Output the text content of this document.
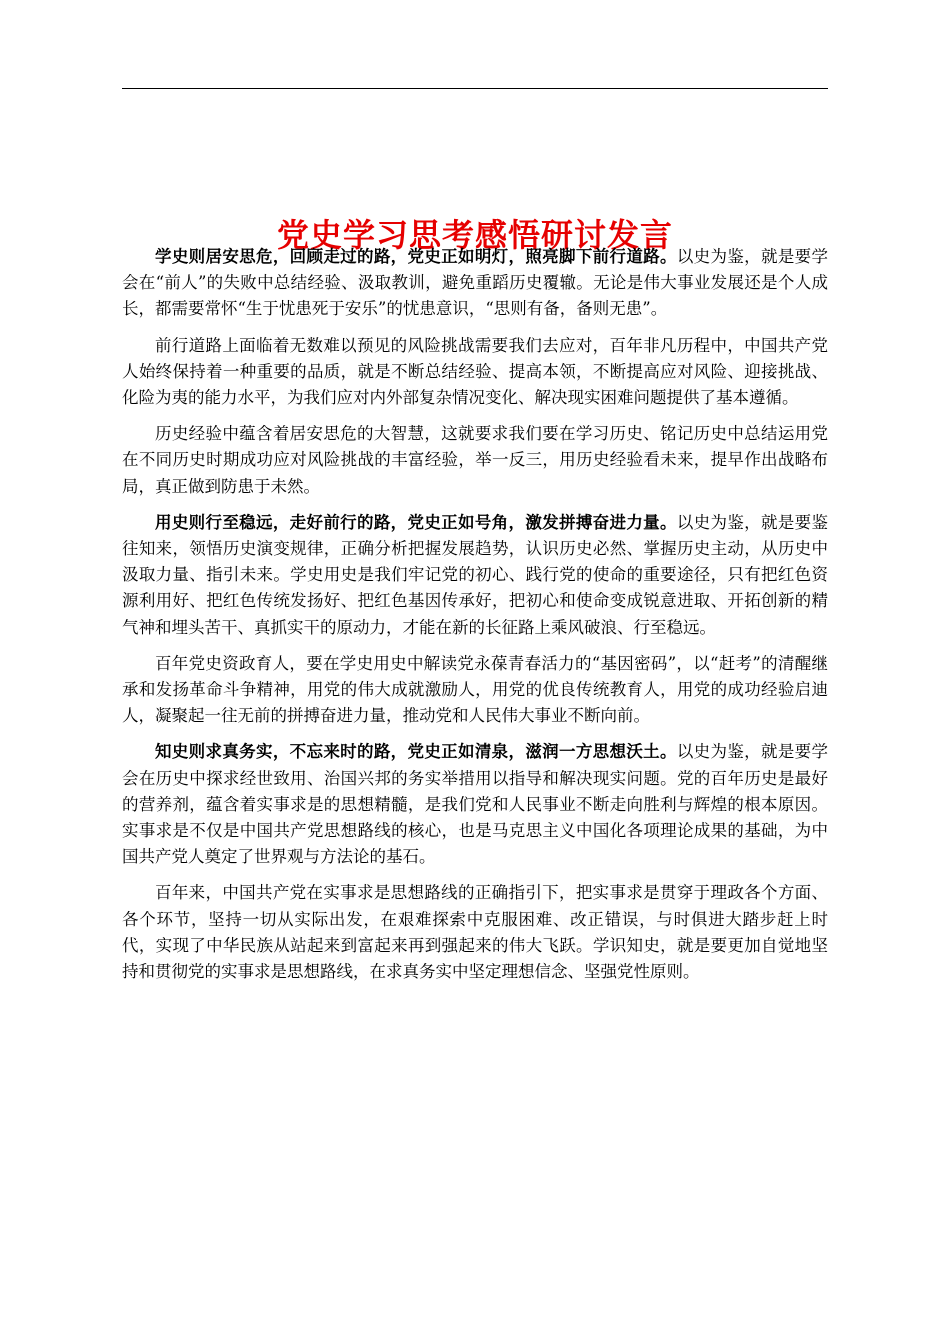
党史学习思考感悟研讨发言

学史则居安思危，回顾走过的路，党史正如明灯，照亮脚下前行道路。以史为鉴，就是要学会在“前人”的失败中总结经验、汲取教训，避免重蹈历史覆辙。无论是伟大事业发展还是个人成长，都需要常怀“生于忧患死于安乐”的忧患意识，“思则有备，备则无患”。

前行道路上面临着无数难以预见的风险挑战需要我们去应对，百年非凡历程中，中国共产党人始终保持着一种重要的品质，就是不断总结经验、提高本领，不断提高应对风险、迎接挑战、化险为夷的能力水平，为我们应对内外部复杂情况变化、解决现实困难问题提供了基本遵循。

历史经验中蕴含着居安思危的大智慧，这就要求我们要在学习历史、铭记历史中总结运用党在不同历史时期成功应对风险挑战的丰富经验，举一反三，用历史经验看未来，提早作出战略布局，真正做到防患于未然。

用史则行至稳远，走好前行的路，党史正如号角，激发拼搏奋进力量。以史为鉴，就是要鉴往知来，领悟历史演变规律，正确分析把握发展趋势，认识历史必然、掌握历史主动，从历史中汲取力量、指引未来。学史用史是我们牢记党的初心、践行党的使命的重要途径，只有把红色资源利用好、把红色传统发扬好、把红色基因传承好，把初心和使命变成锐意进取、开拓创新的精气神和埋头苦干、真抓实干的原动力，才能在新的长征路上乘风破浪、行至稳远。

百年党史资政育人，要在学史用史中解读党永葆青春活力的“基因密码”，以“赶考”的清醒继承和发扬革命斗争精神，用党的伟大成就激励人，用党的优良传统教育人，用党的成功经验启迪人，凝聚起一往无前的拼搏奋进力量，推动党和人民伟大事业不断向前。

知史则求真务实，不忘来时的路，党史正如清泉，滋润一方思想沃土。以史为鉴，就是要学会在历史中探求经世致用、治国兴邦的务实举措用以指导和解决现实问题。党的百年历史是最好的营养剂，蕴含着实事求是的思想精髓，是我们党和人民事业不断走向胜利与辉煌的根本原因。实事求是不仅是中国共产党思想路线的核心，也是马克思主义中国化各项理论成果的基础，为中国共产党人奠定了世界观与方法论的基石。

百年来，中国共产党在实事求是思想路线的正确指引下，把实事求是贯穿于理政各个方面、各个环节，坚持一切从实际出发，在艰难探索中克服困难、改正错误，与时俱进大踏步赶上时代，实现了中华民族从站起来到富起来再到强起来的伟大飞跃。学识知史，就是要更加自觉地坚持和贯彻党的实事求是思想路线，在求真务实中坚定理想信念、坚强党性原则。
